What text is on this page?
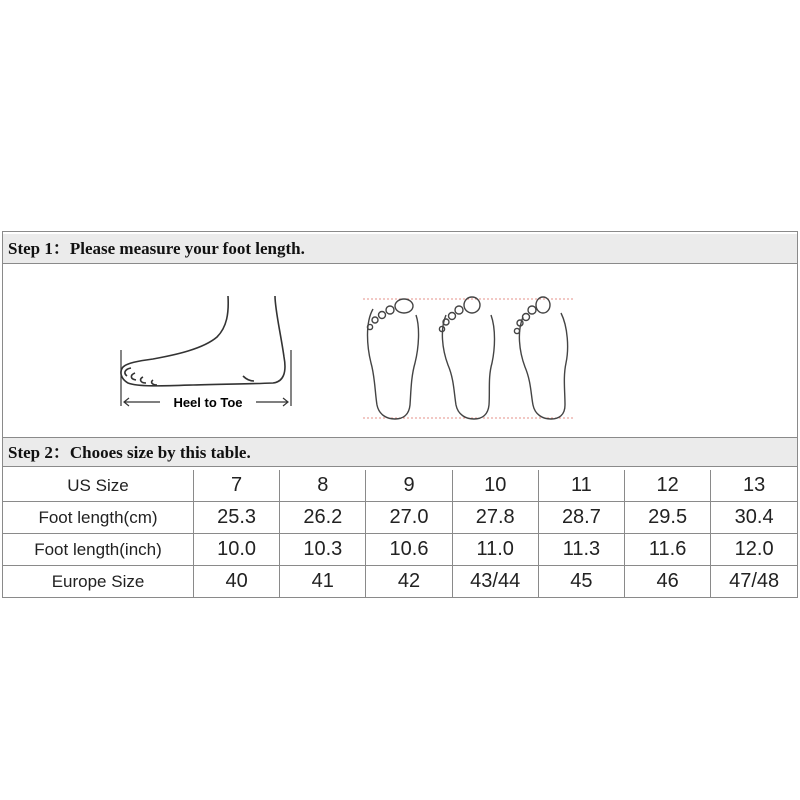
Step 1：Please measure your foot length.
Heel to Toe
Step 2：Chooes size by this table.
US Size	7	8	9	10	11	12	13
Foot length(cm)	25.3	26.2	27.0	27.8	28.7	29.5	30.4
Foot length(inch)	10.0	10.3	10.6	11.0	11.3	11.6	12.0
Europe Size	40	41	42	43/44	45	46	47/48
